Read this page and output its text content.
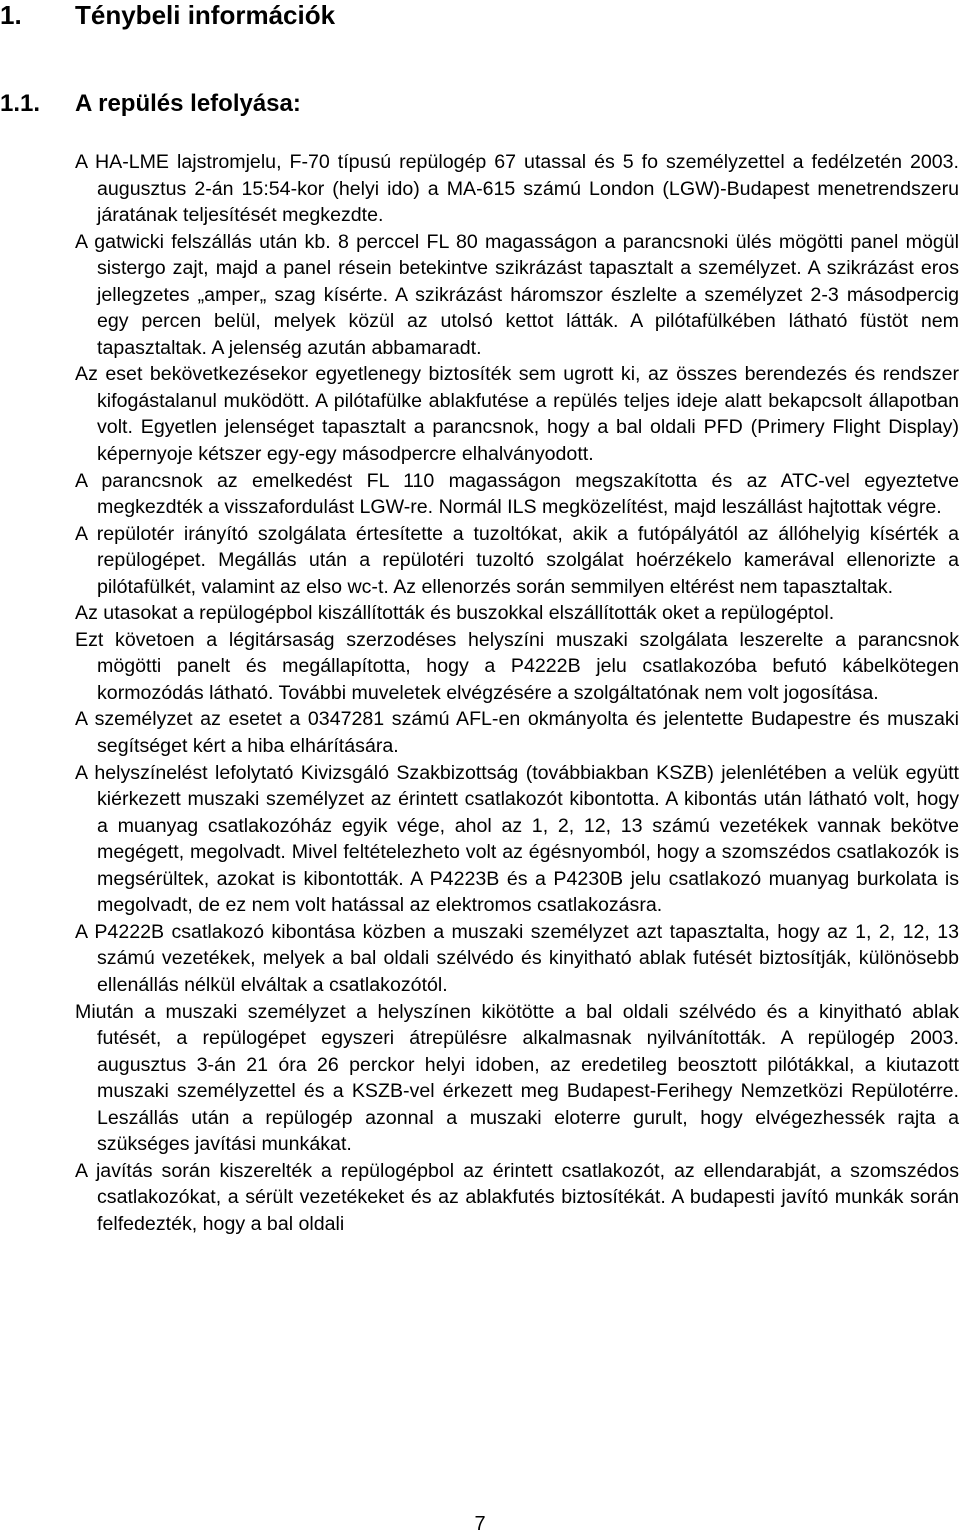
1. Ténybeli információk
1.1. A repülés lefolyása:

A HA-LME lajstromjelu, F-70 típusú repülogép 67 utassal és 5 fo személyzettel a fedélzetén 2003. augusztus 2-án 15:54-kor (helyi ido) a MA-615 számú London (LGW)-Budapest menetrendszeru járatának teljesítését megkezdte.

A gatwicki felszállás után kb. 8 perccel FL 80 magasságon a parancsnoki ülés mögötti panel mögül sistergo zajt, majd a panel résein betekintve szikrázást tapasztalt a személyzet. A szikrázást eros jellegzetes „amper„ szag kísérte. A szikrázást háromszor észlelte a személyzet 2-3 másodpercig egy percen belül, melyek közül az utolsó kettot látták. A pilótafülkében látható füstöt nem tapasztaltak. A jelenség azután abbamaradt.

Az eset bekövetkezésekor egyetlenegy biztosíték sem ugrott ki, az összes berendezés és rendszer kifogástalanul muködött. A pilótafülke ablakfutése a repülés teljes ideje alatt bekapcsolt állapotban volt. Egyetlen jelenséget tapasztalt a parancsnok, hogy a bal oldali PFD (Primery Flight Display) képernyoje kétszer egy-egy másodpercre elhalványodott.

A parancsnok az emelkedést FL 110 magasságon megszakította és az ATC-vel egyeztetve megkezdték a visszafordulást LGW-re. Normál ILS megközelítést, majd leszállást hajtottak végre.

A repülotér irányító szolgálata értesítette a tuzoltókat, akik a futópályától az állóhelyig kísérték a repülogépet. Megállás után a repülotéri tuzoltó szolgálat hoérzékelo kamerával ellenorizte a pilótafülkét, valamint az elso wc-t. Az ellenorzés során semmilyen eltérést nem tapasztaltak.

Az utasokat a repülogépbol kiszállították és buszokkal elszállították oket a repülogéptol.

Ezt követoen a légitársaság szerzodéses helyszíni muszaki szolgálata leszerelte a parancsnok mögötti panelt és megállapította, hogy a P4222B jelu csatlakozóba befutó kábelkötegen kormozódás látható. További muveletek elvégzésére a szolgáltatónak nem volt jogosítása.

A személyzet az esetet a 0347281 számú AFL-en okmányolta és jelentette Budapestre és muszaki segítséget kért a hiba elhárítására.

A helyszínelést lefolytató Kivizsgáló Szakbizottság (továbbiakban KSZB) jelenlétében a velük együtt kiérkezett muszaki személyzet az érintett csatlakozót kibontotta. A kibontás után látható volt, hogy a muanyag csatlakozóház egyik vége, ahol az 1, 2, 12, 13 számú vezetékek vannak bekötve megégett, megolvadt. Mivel feltételezheto volt az égésnyomból, hogy a szomszédos csatlakozók is megsérültek, azokat is kibontották. A P4223B és a P4230B jelu csatlakozó muanyag burkolata is megolvadt, de ez nem volt hatással az elektromos csatlakozásra.

A P4222B csatlakozó kibontása közben a muszaki személyzet azt tapasztalta, hogy az 1, 2, 12, 13 számú vezetékek, melyek a bal oldali szélvédo és kinyitható ablak futését biztosítják, különösebb ellenállás nélkül elváltak a csatlakozótól.

Miután a muszaki személyzet a helyszínen kikötötte a bal oldali szélvédo és a kinyitható ablak futését, a repülogépet egyszeri átrepülésre alkalmasnak nyilvánították. A repülogép 2003. augusztus 3-án 21 óra 26 perckor helyi idoben, az eredetileg beosztott pilótákkal, a kiutazott muszaki személyzettel és a KSZB-vel érkezett meg Budapest-Ferihegy Nemzetközi Repülotérre. Leszállás után a repülogép azonnal a muszaki eloterre gurult, hogy elvégezhessék rajta a szükséges javítási munkákat.

A javítás során kiszerelték a repülogépbol az érintett csatlakozót, az ellendarabját, a szomszédos csatlakozókat, a sérült vezetékeket és az ablakfutés biztosítékát. A budapesti javító munkák során felfedezték, hogy a bal oldali

7
